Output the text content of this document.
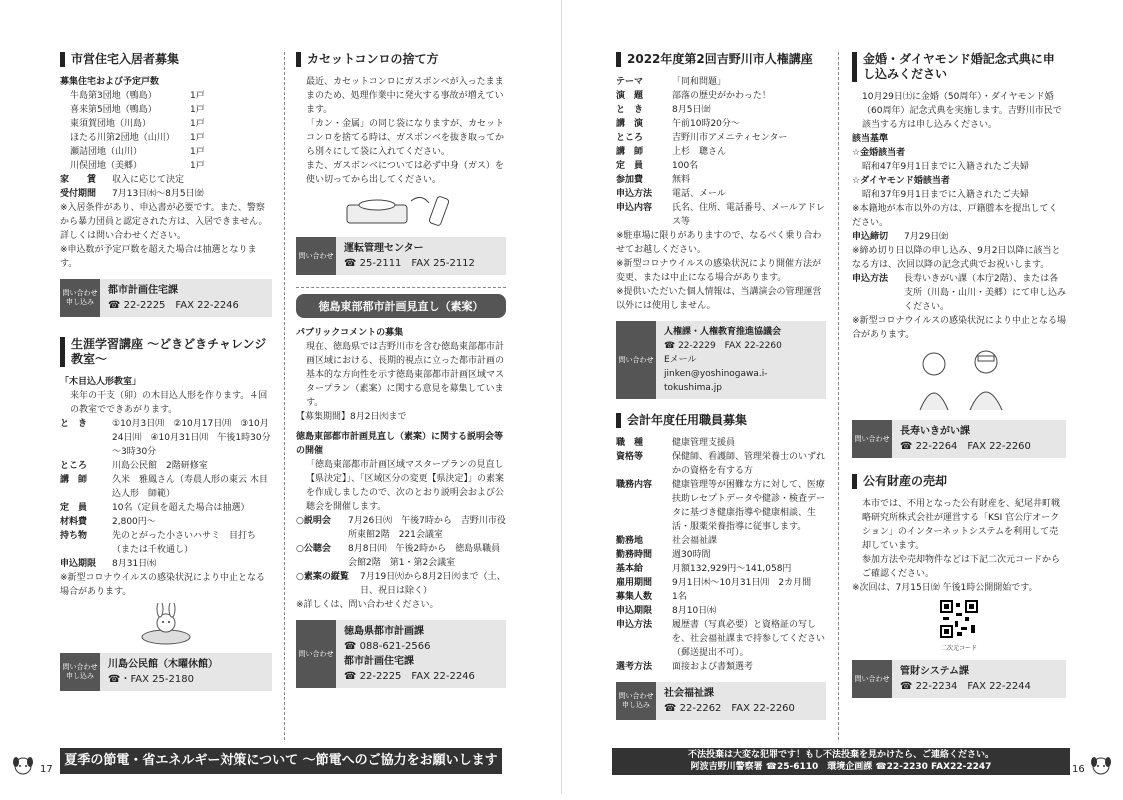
市営住宅入居者募集
募集住宅および予定戸数
牛島第3団地（鴨島）	1戸
喜来第5団地（鴨島）	1戸
東須賀団地（川島）	1戸
ほたる川第2団地（山川）	1戸
瀬詰団地（山川）	1戸
川俣団地（美郷）	1戸
家　　賃	収入に応じて決定
受付期間	7月13日㈬～8月5日㈮

※入居条件があり、申込書が必要です。また、警察から暴力団員と認定された方は、入居できません。詳しくは問い合わせください。

※申込数が予定戸数を超えた場合は抽選となります。

問い合わせ 申し込み
都市計画住宅課
☎ 22-2225　FAX 22-2246
生涯学習講座 ～どきどきチャレンジ教室～
「木目込人形教室」

来年の干支（卯）の木目込人形を作ります。４回の教室でできあがります。

と　き	①10月3日㈪　②10月17日㈪　③10月24日㈪　④10月31日㈪　午後1時30分～3時30分
ところ	川島公民館　2階研修室
講　師	久米　雅鳳さん（寿晨人形の東云 木目込人形　師範）
定　員	10名（定員を超えた場合は抽選）
材料費	2,800円～
持ち物	先のとがった小さいハサミ　目打ち（または千枚通し）
申込期限	8月31日㈬

※新型コロナウイルスの感染状況により中止となる場合があります。

問い合わせ 申し込み
川島公民館（木曜休館）
☎・FAX 25-2180
カセットコンロの捨て方

最近、カセットコンロにガスボンベが入ったまままのため、処理作業中に発火する事故が増えています。

「カン・金属」の同じ袋になりますが、カセットコンロを捨てる時は、ガスボンベを抜き取ってから別々にして袋に入れてください。

また、ガスボンベについては必ず中身（ガス）を使い切ってから出してください。

問い合わせ
運転管理センター
☎ 25-2111　FAX 25-2112
徳島東部都市計画見直し（素案）
パブリックコメントの募集

現在、徳島県では吉野川市を含む徳島東部都市計画区域における、長期的視点に立った都市計画の基本的な方向性を示す徳島東部都市計画区域マスタープラン（素案）に関する意見を募集しています。

【募集期間】8月2日㈫まで

徳島東部都市計画見直し（素案）に関する説明会等の開催

「徳島東部都市計画区域マスタープランの見直し【県決定】」、「区域区分の変更【県決定】」の素案を作成しましたので、次のとおり説明会および公聴会を開催します。

○説明会	7月26日㈫　午後7時から　吉野川市役所東館2階　221会議室
○公聴会	8月8日㈪　午後2時から　徳島県職員会館2階　第1・第2会議室
○素案の縦覧	7月19日㈫から8月2日㈫まで（土、日、祝日は除く）

※詳しくは、問い合わせください。

問い合わせ
徳島県都市計画課
☎ 088-621-2566
都市計画住宅課
☎ 22-2225　FAX 22-2246
2022年度第2回吉野川市人権講座
テーマ	「同和問題」
演　題	部落の歴史がかわった！
と　き	8月5日㈮
講　演	午前10時20分～
ところ	吉野川市アメニティセンター
講　師	上杉　聰さん
定　員	100名
参加費	無料
申込方法	電話、メール
申込内容	氏名、住所、電話番号、メールアドレス等

※駐車場に限りがありますので、なるべく乗り合わせてお越しください。

※新型コロナウイルスの感染状況により開催方法が変更、または中止になる場合があります。

※提供いただいた個人情報は、当講演会の管理運営以外には使用しません。

問い合わせ
人権課・人権教育推進協議会
☎ 22-2229　FAX 22-2260
Eメール
jinken@yoshinogawa.i-tokushima.jp
会計年度任用職員募集
職　種	健康管理支援員
資格等	保健師、看護師、管理栄養士のいずれかの資格を有する方
職務内容	健康管理等が困難な方に対して、医療扶助レセプトデータや健診・検査データに基づき健康指導や健康相談、生活・服薬栄養指導に従事します。
勤務地	社会福祉課
勤務時間	週30時間
基本給	月額132,929円～141,058円
雇用期間	9月1日㈭～10月31日㈪　2カ月間
募集人数	1名
申込期限	8月10日㈬
申込方法	履歴書（写真必要）と資格証の写しを、社会福祉課まで持参してください（郵送提出不可）。
選考方法	面接および書類選考
問い合わせ 申し込み
社会福祉課
☎ 22-2262　FAX 22-2260
金婚・ダイヤモンド婚記念式典に申し込みください

10月29日㈯に金婚（50周年）・ダイヤモンド婚（60周年）記念式典を実施します。吉野川市民で該当する方は申し込みください。

該当基準
☆金婚該当者

昭和47年9月1日までに入籍されたご夫婦

☆ダイヤモンド婚該当者

昭和37年9月1日までに入籍されたご夫婦

※本籍地が本市以外の方は、戸籍謄本を提出してください。

申込締切	7月29日㈮

※締め切り日以降の申し込み、9月2日以降に該当となる方は、次回以降の記念式典でお祝いします。

申込方法	長寿いきがい課（本庁2階）、または各支所（川島・山川・美郷）にて申し込みください。

※新型コロナウイルスの感染状況により中止となる場合があります。

問い合わせ
長寿いきがい課
☎ 22-2264　FAX 22-2260
公有財産の売却

本市では、不用となった公有財産を、紀尾井町戦略研究所株式会社が運営する「KSI 官公庁オークション」のインターネットシステムを利用して売却しています。

参加方法や売却物件などは下記二次元コードからご確認ください。

※次回は、7月15日㈮ 午後1時公開開始です。

二次元コード
問い合わせ
管財システム課
☎ 22-2234　FAX 22-2244
17
夏季の節電・省エネルギー対策について ～節電へのご協力をお願いします～
不法投棄は大変な犯罪です！もし不法投棄を見かけたら、ご連絡ください。
阿波吉野川警察署 ☎25-6110　環境企画課 ☎22-2230 FAX22-2247	16
